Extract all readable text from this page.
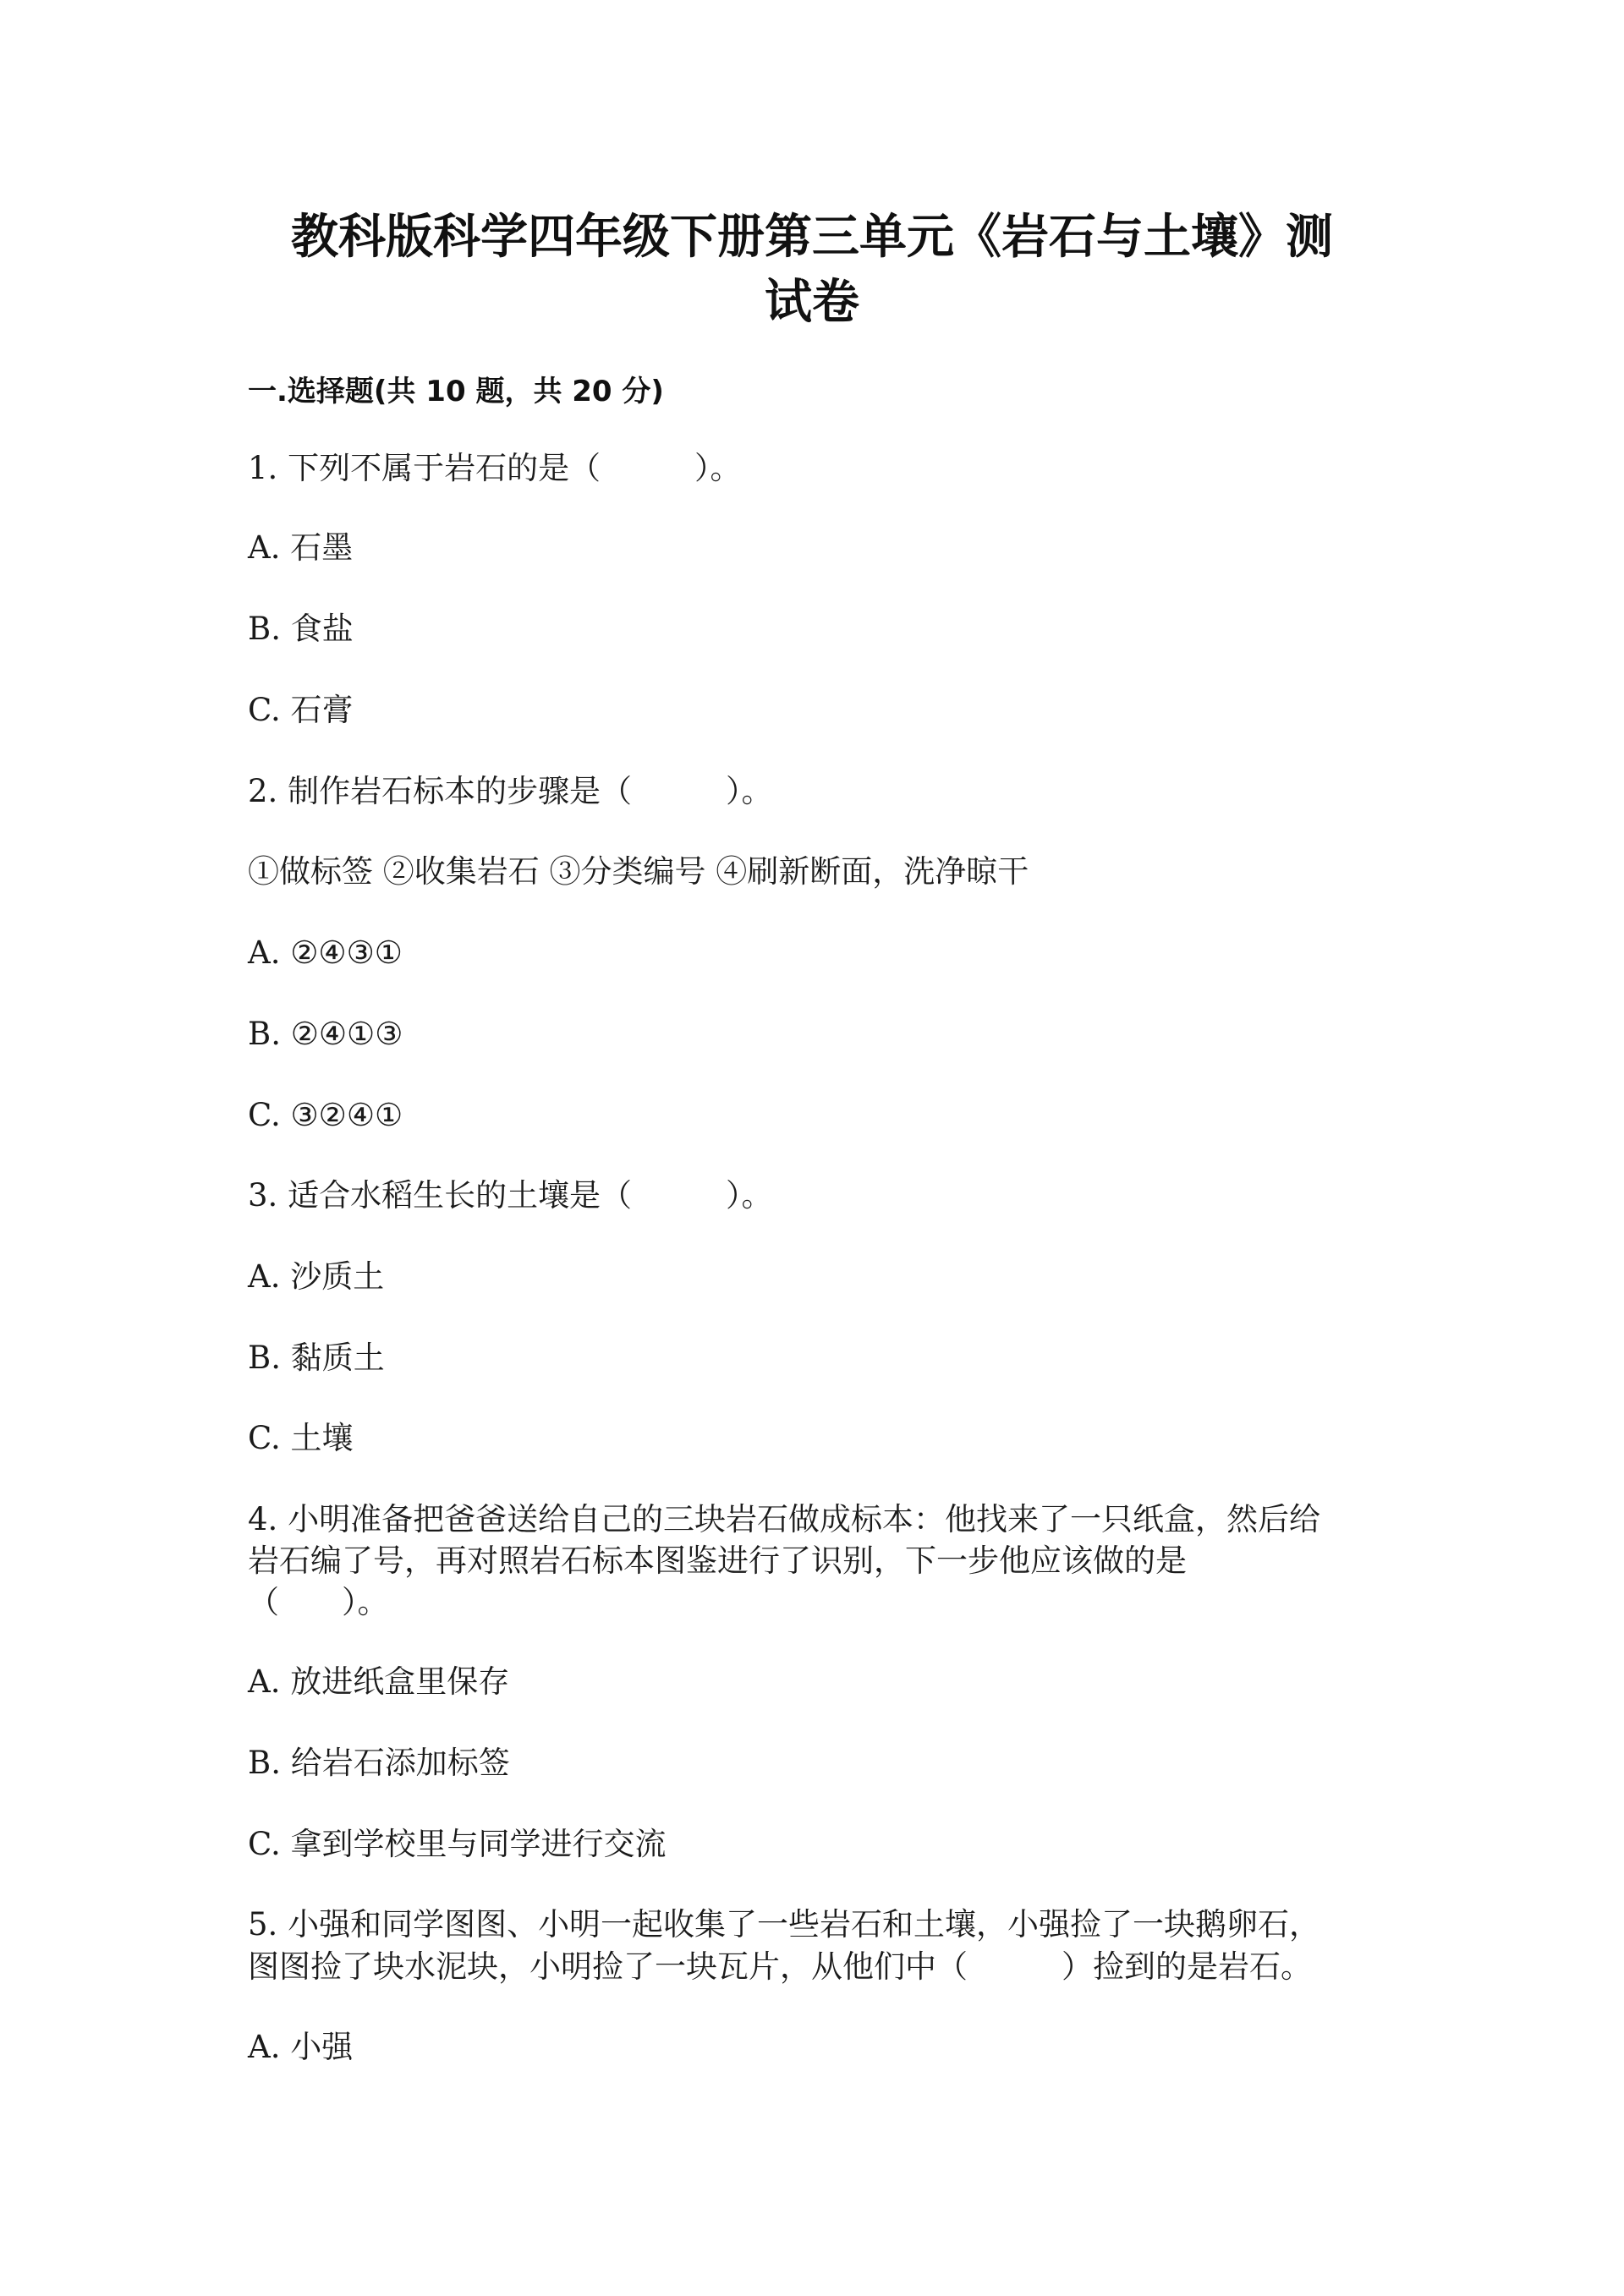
教科版科学四年级下册第三单元《岩石与土壤》测
试卷
一.选择题(共 10 题，共 20 分)
1. 下列不属于岩石的是（　　　）。
A. 石墨
B. 食盐
C. 石膏
2. 制作岩石标本的步骤是（　　　）。
①做标签 ②收集岩石 ③分类编号 ④刷新断面，洗净晾干
A. ②④③①
B. ②④①③
C. ③②④①
3. 适合水稻生长的土壤是（　　　）。
A. 沙质土
B. 黏质土
C. 土壤
4. 小明准备把爸爸送给自己的三块岩石做成标本：他找来了一只纸盒，然后给
岩石编了号，再对照岩石标本图鉴进行了识别，下一步他应该做的是
（　　）。
A. 放进纸盒里保存
B. 给岩石添加标签
C. 拿到学校里与同学进行交流
5. 小强和同学图图、小明一起收集了一些岩石和土壤，小强捡了一块鹅卵石，
图图捡了块水泥块，小明捡了一块瓦片，从他们中（　　　）捡到的是岩石。
A. 小强
